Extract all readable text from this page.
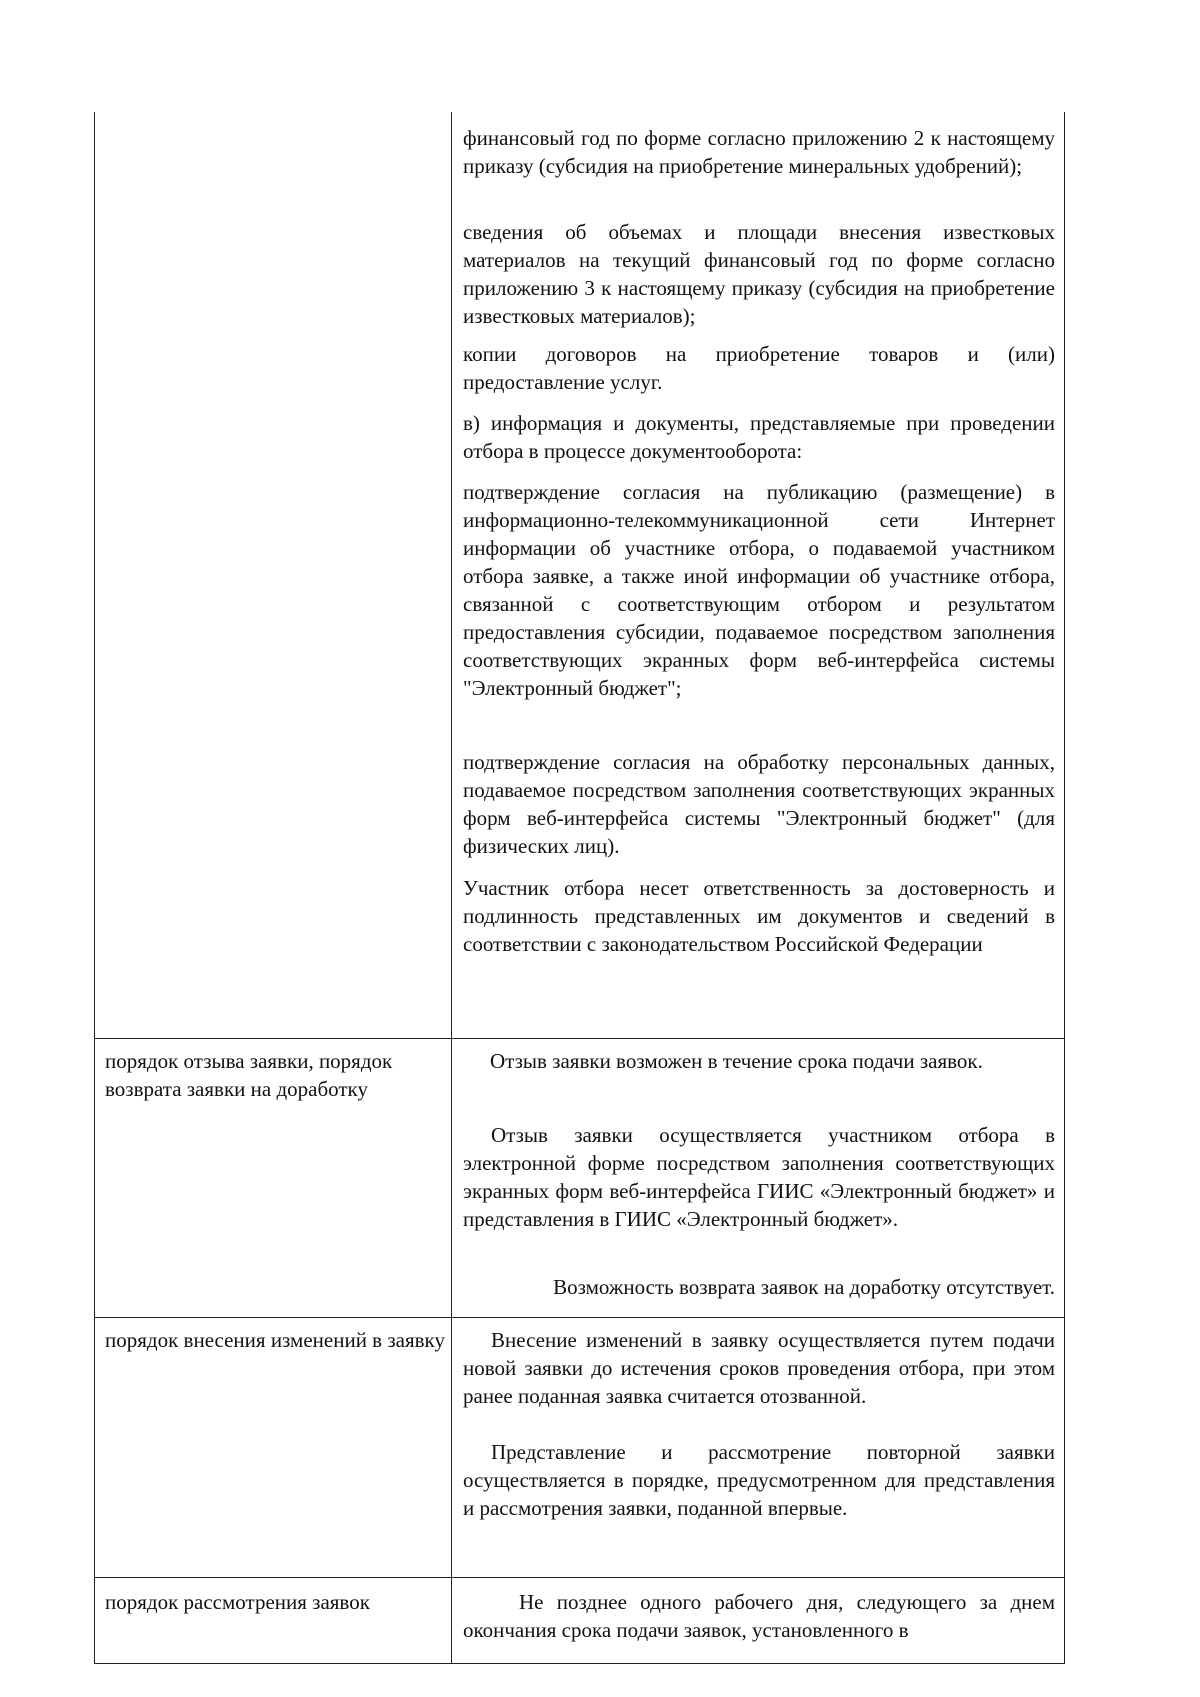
финансовый год по форме согласно приложению 2 к настоящему приказу (субсидия на приобретение минеральных удобрений);

сведения об объемах и площади внесения известковых материалов на текущий финансовый год по форме согласно приложению 3 к настоящему приказу (субсидия на приобретение известковых материалов);

копии договоров на приобретение товаров и (или) предоставление услуг.

в) информация и документы, представляемые при проведении отбора в процессе документооборота:

подтверждение согласия на публикацию (размещение) в информационно-телекоммуникационной сети Интернет информации об участнике отбора, о подаваемой участником отбора заявке, а также иной информации об участнике отбора, связанной с соответствующим отбором и результатом предоставления субсидии, подаваемое посредством заполнения соответствующих экранных форм веб-интерфейса системы "Электронный бюджет";

подтверждение согласия на обработку персональных данных, подаваемое посредством заполнения соответствующих экранных форм веб-интерфейса системы "Электронный бюджет" (для физических лиц).

Участник отбора несет ответственность за достоверность и подлинность представленных им документов и сведений в соответствии с законодательством Российской Федерации

порядок отзыва заявки, порядок возврата заявки на доработку

Отзыв заявки возможен в течение срока подачи заявок.

Отзыв заявки осуществляется участником отбора в электронной форме посредством заполнения соответствующих экранных форм веб-интерфейса ГИИС «Электронный бюджет» и представления в ГИИС «Электронный бюджет».

Возможность возврата заявок на доработку отсутствует.

порядок внесения изменений в заявку	Внесение изменений в заявку осуществляется путем подачи новой заявки до истечения сроков проведения отбора, при этом ранее поданная заявка считается отозванной.

Представление и рассмотрение повторной заявки осуществляется в порядке, предусмотренном для представления и рассмотрения заявки, поданной впервые.

порядок рассмотрения заявок	Не позднее одного рабочего дня, следующего за днем окончания срока подачи заявок, установленного в
